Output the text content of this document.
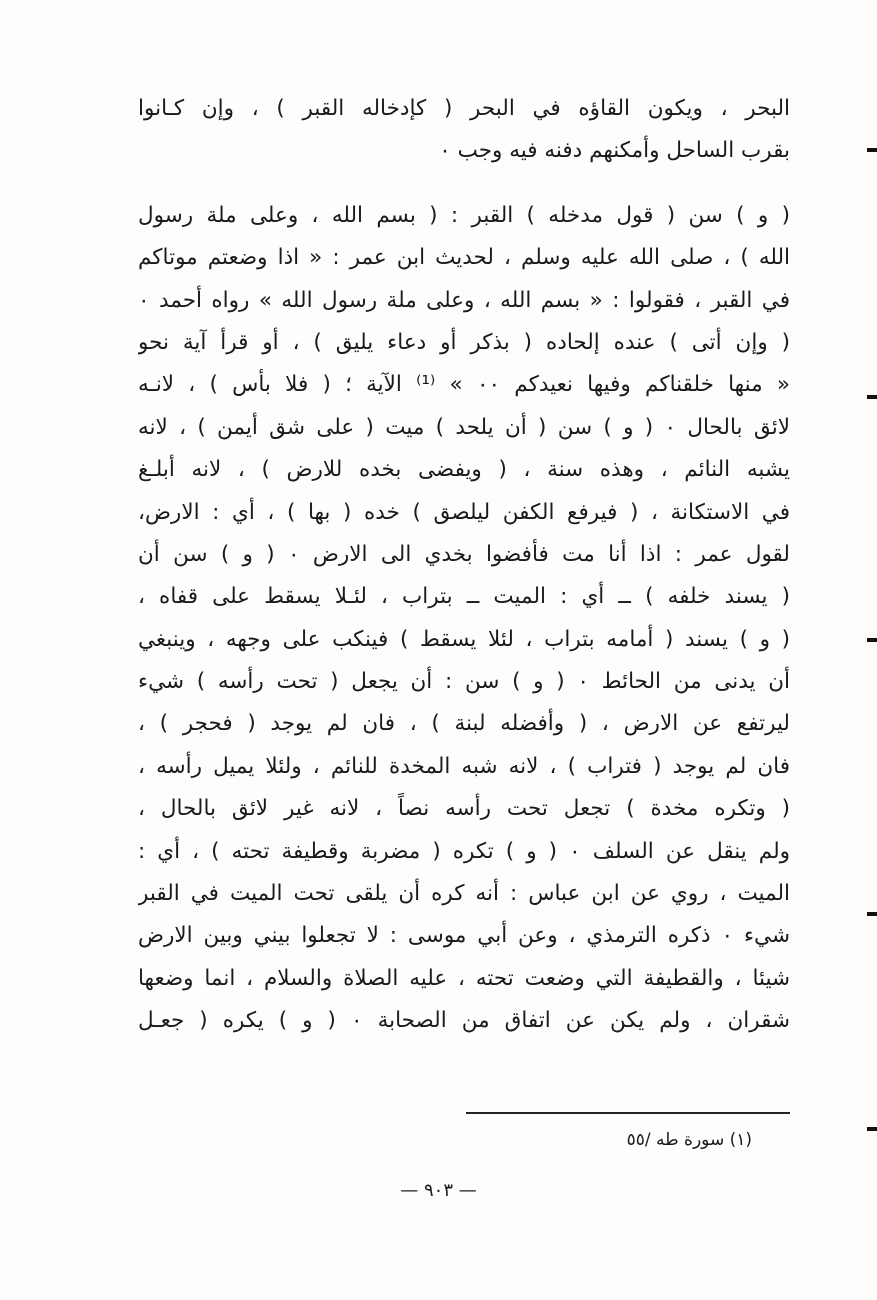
البحر ، ويكون القاؤه في البحر ( كإدخاله القبر ) ، وإن كـانوا
بقرب الساحل وأمكنهم دفنه فيه وجب ٠
( و ) سن ( قول مدخله ) القبر : ( بسم الله ، وعلى ملة رسول
الله ) ، صلى الله عليه وسلم ، لحديث ابن عمر : « اذا وضعتم موتاكم
في القبر ، فقولوا : « بسم الله ، وعلى ملة رسول الله » رواه أحمد ٠
( وإن أتى ) عنده إلحاده ( بذكر أو دعاء يليق ) ، أو قرأ آية نحو
« منها خلقناكم وفيها نعيدكم ٠٠ » ⁽¹⁾ الآية ؛ ( فلا بأس ) ، لانـه
لائق بالحال ٠ ( و ) سن ( أن يلحد ) ميت ( على شق أيمن ) ، لانه
يشبه النائم ، وهذه سنة ، ( ويفضى بخده للارض ) ، لانه أبلـغ
في الاستكانة ، ( فيرفع الكفن ليلصق ) خده ( بها ) ، أي : الارض،
لقول عمر : اذا أنا مت فأفضوا بخدي الى الارض ٠ ( و ) سن أن
( يسند خلفه ) ــ أي : الميت ــ بتراب ، لئـلا يسقط على قفاه ،
( و ) يسند ( أمامه بتراب ، لئلا يسقط ) فينكب على وجهه ، وينبغي
أن يدنى من الحائط ٠ ( و ) سن : أن يجعل ( تحت رأسه ) شيء
ليرتفع عن الارض ، ( وأفضله لبنة ) ، فان لم يوجد ( فحجر ) ،
فان لم يوجد ( فتراب ) ، لانه شبه المخدة للنائم ، ولئلا يميل رأسه ،
( وتكره مخدة ) تجعل تحت رأسه نصاً ، لانه غير لائق بالحال ،
ولم ينقل عن السلف ٠ ( و ) تكره ( مضربة وقطيفة تحته ) ، أي :
الميت ، روي عن ابن عباس : أنه كره أن يلقى تحت الميت في القبر
شيء ٠ ذكره الترمذي ، وعن أبي موسى : لا تجعلوا بيني وبين الارض
شيئا ، والقطيفة التي وضعت تحته ، عليه الصلاة والسلام ، انما وضعها
شقران ، ولم يكن عن اتفاق من الصحابة ٠ ( و ) يكره ( جعـل
(١) سورة طه /٥٥
— ٩٠٣ —
